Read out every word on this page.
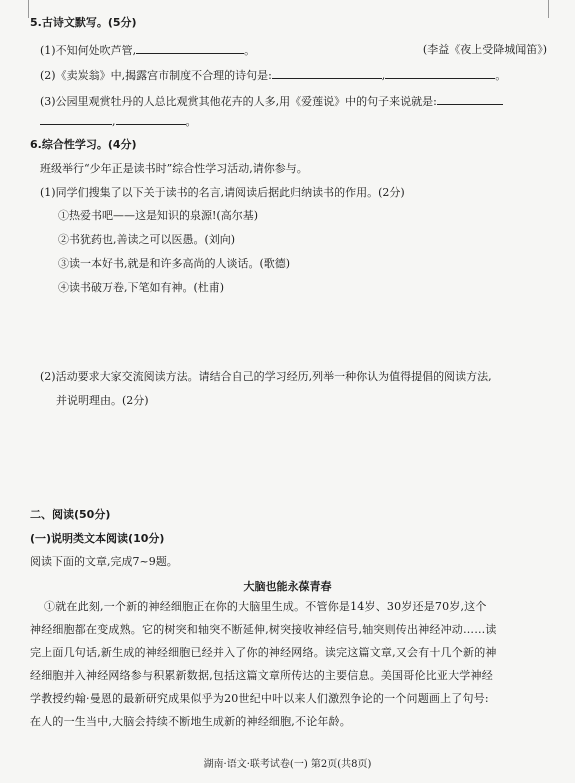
5.古诗文默写。(5分)
(1)不知何处吹芦管,	。	(李益《夜上受降城闻笛》)
(2)《卖炭翁》中,揭露宫市制度不合理的诗句是:	,	。
(3)公园里观赏牡丹的人总比观赏其他花卉的人多,用《爱莲说》中的句子来说就是:
,	。
6.综合性学习。(4分)
班级举行“少年正是读书时”综合性学习活动,请你参与。
(1)同学们搜集了以下关于读书的名言,请阅读后据此归纳读书的作用。(2分)
①热爱书吧——这是知识的泉源!(高尔基)
②书犹药也,善读之可以医愚。(刘向)
③读一本好书,就是和许多高尚的人谈话。(歌德)
④读书破万卷,下笔如有神。(杜甫)
(2)活动要求大家交流阅读方法。请结合自己的学习经历,列举一种你认为值得提倡的阅读方法,
并说明理由。(2分)
二、阅读(50分)
(一)说明类文本阅读(10分)
阅读下面的文章,完成7~9题。
大脑也能永葆青春
①就在此刻,一个新的神经细胞正在你的大脑里生成。不管你是14岁、30岁还是70岁,这个
神经细胞都在变成熟。它的树突和轴突不断延伸,树突接收神经信号,轴突则传出神经冲动……读
完上面几句话,新生成的神经细胞已经并入了你的神经网络。读完这篇文章,又会有十几个新的神
经细胞并入神经网络参与积累新数据,包括这篇文章所传达的主要信息。美国哥伦比亚大学神经
学教授约翰·曼恩的最新研究成果似乎为20世纪中叶以来人们激烈争论的一个问题画上了句号:
在人的一生当中,大脑会持续不断地生成新的神经细胞,不论年龄。
湖南·语文·联考试卷(一) 第2页(共8页)
